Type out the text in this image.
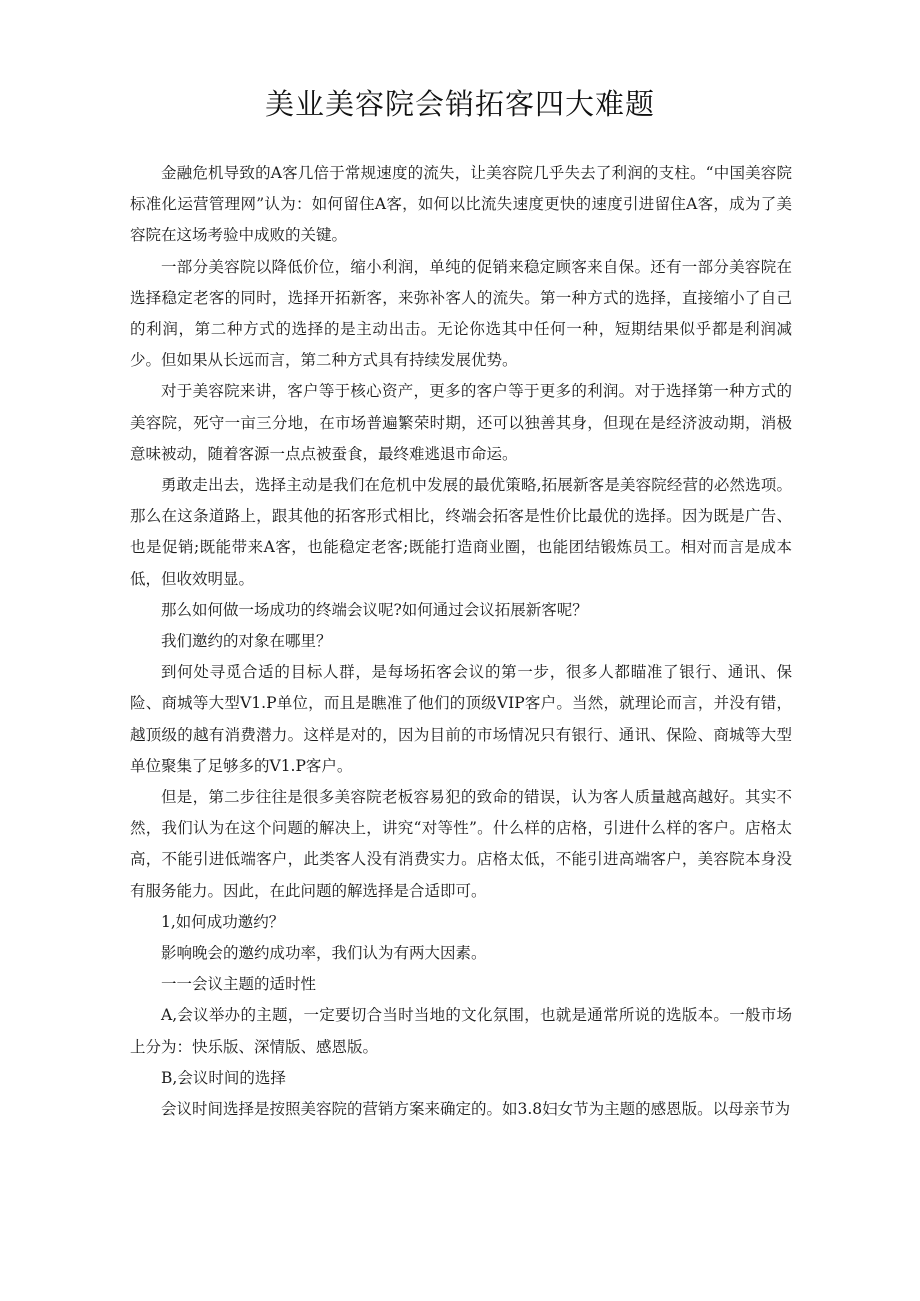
美业美容院会销拓客四大难题

金融危机导致的A客几倍于常规速度的流失，让美容院几乎失去了利润的支柱。“中国美容院标准化运营管理网”认为：如何留住A客，如何以比流失速度更快的速度引进留住A客，成为了美容院在这场考验中成败的关键。

一部分美容院以降低价位，缩小利润，单纯的促销来稳定顾客来自保。还有一部分美容院在选择稳定老客的同时，选择开拓新客，来弥补客人的流失。第一种方式的选择，直接缩小了自己的利润，第二种方式的选择的是主动出击。无论你选其中任何一种，短期结果似乎都是利润减少。但如果从长远而言，第二种方式具有持续发展优势。

对于美容院来讲，客户等于核心资产，更多的客户等于更多的利润。对于选择第一种方式的美容院，死守一亩三分地，在市场普遍繁荣时期，还可以独善其身，但现在是经济波动期，消极意味被动，随着客源一点点被蚕食，最终难逃退市命运。

勇敢走出去，选择主动是我们在危机中发展的最优策略,拓展新客是美容院经营的必然选项。那么在这条道路上，跟其他的拓客形式相比，终端会拓客是性价比最优的选择。因为既是广告、也是促销;既能带来A客，也能稳定老客;既能打造商业圈，也能团结锻炼员工。相对而言是成本低，但收效明显。

那么如何做一场成功的终端会议呢?如何通过会议拓展新客呢？

我们邀约的对象在哪里？

到何处寻觅合适的目标人群，是每场拓客会议的第一步，很多人都瞄准了银行、通讯、保险、商城等大型V1.P单位，而且是瞧准了他们的顶级VIP客户。当然，就理论而言，并没有错，越顶级的越有消费潜力。这样是对的，因为目前的市场情况只有银行、通讯、保险、商城等大型单位聚集了足够多的V1.P客户。

但是，第二步往往是很多美容院老板容易犯的致命的错误，认为客人质量越高越好。其实不然，我们认为在这个问题的解决上，讲究“对等性”。什么样的店格，引进什么样的客户。店格太高，不能引进低端客户，此类客人没有消费实力。店格太低，不能引进高端客户，美容院本身没有服务能力。因此，在此问题的解选择是合适即可。

1,如何成功邀约？

影响晚会的邀约成功率，我们认为有两大因素。

一一会议主题的适时性

A,会议举办的主题，一定要切合当时当地的文化氛围，也就是通常所说的选版本。一般市场上分为：快乐版、深情版、感恩版。

B,会议时间的选择

会议时间选择是按照美容院的营销方案来确定的。如3.8妇女节为主题的感恩版。以母亲节为
